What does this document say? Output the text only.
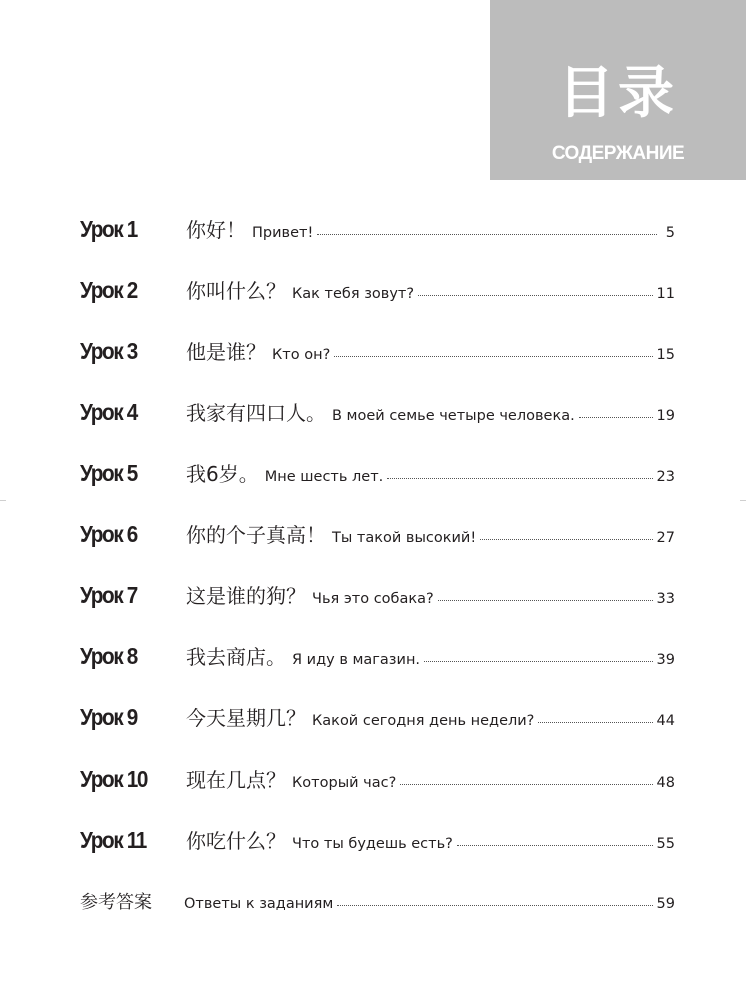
目录
СОДЕРЖАНИЕ
Урок 1	你好！ Привет!	5
Урок 2	你叫什么？ Как тебя зовут?	11
Урок 3	他是谁？ Кто он?	15
Урок 4	我家有四口人。 В моей семье четыре человека.	19
Урок 5	我6岁。 Мне шесть лет.	23
Урок 6	你的个子真高！ Ты такой высокий!	27
Урок 7	这是谁的狗？ Чья это собака?	33
Урок 8	我去商店。 Я иду в магазин.	39
Урок 9	今天星期几？ Какой сегодня день недели?	44
Урок 10	现在几点？ Который час?	48
Урок 11	你吃什么？ Что ты будешь есть?	55
参考答案	Ответы к заданиям	59
